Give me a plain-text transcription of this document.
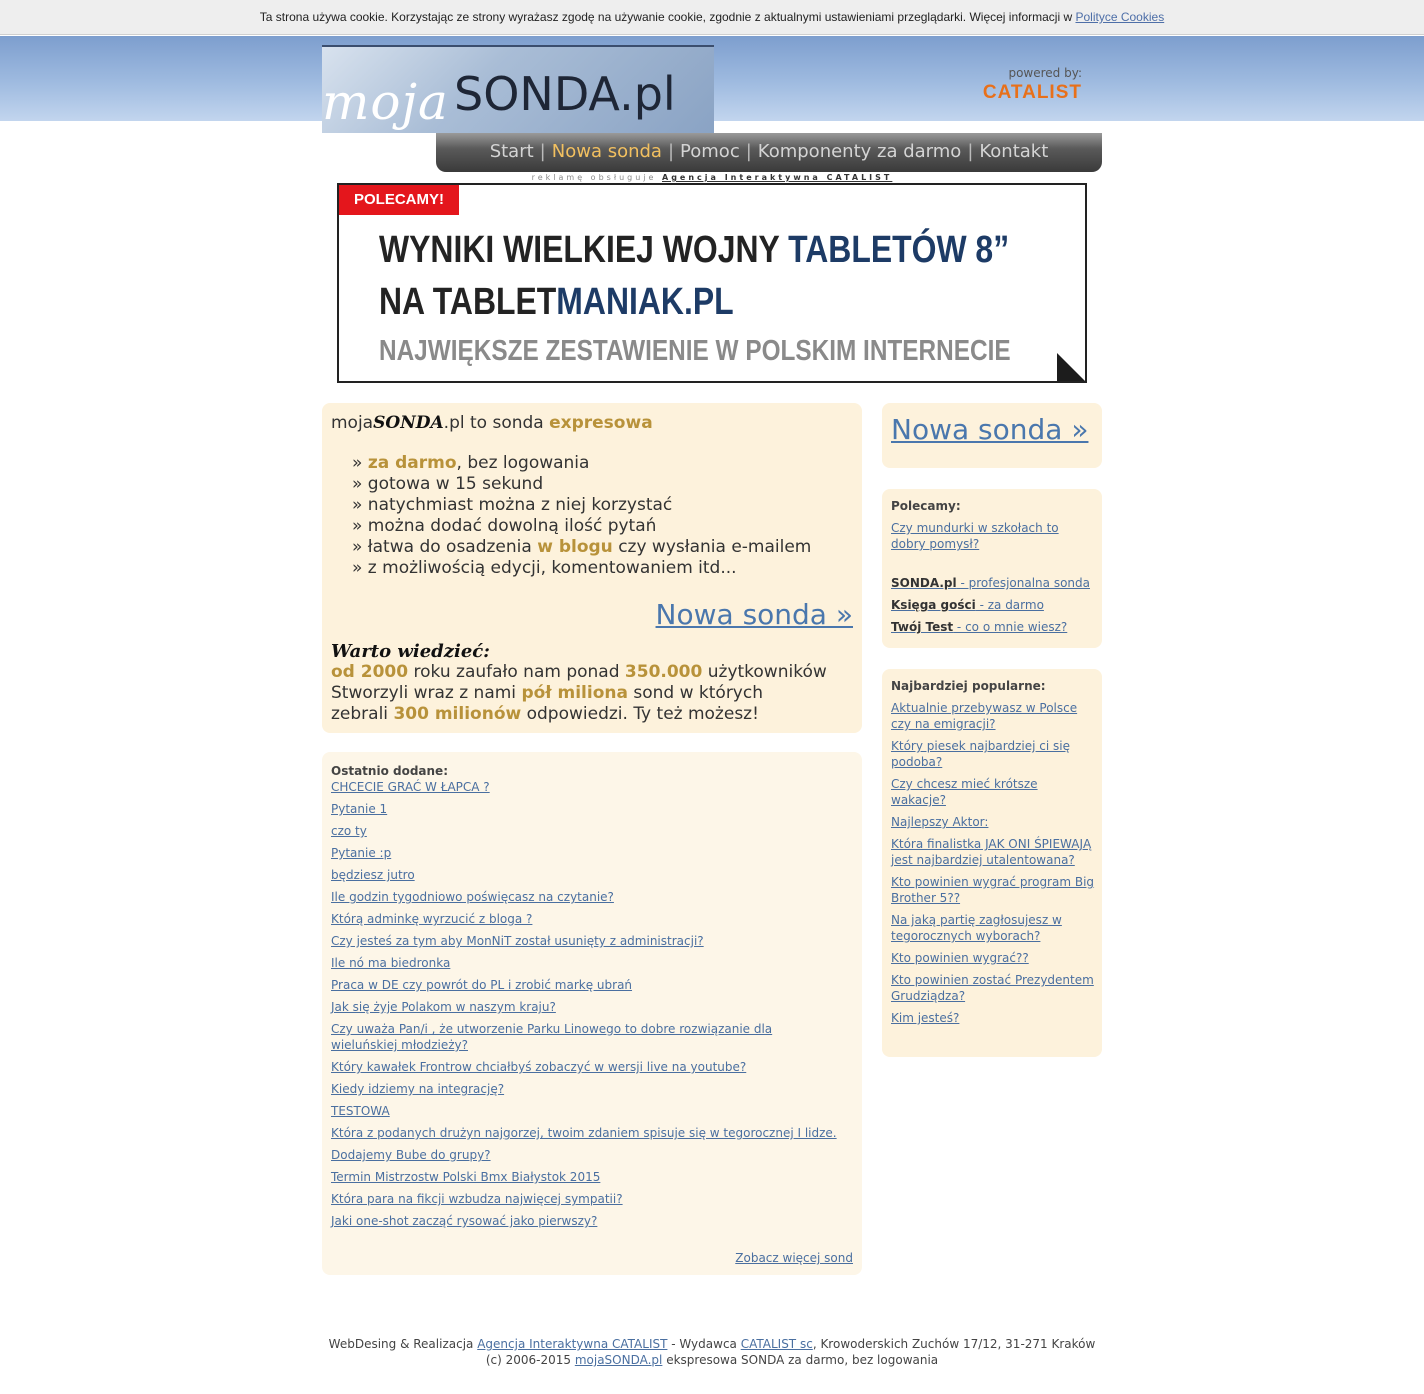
Ta strona używa cookie. Korzystając ze strony wyrażasz zgodę na używanie cookie, zgodnie z aktualnymi ustawieniami przeglądarki. Więcej informacji w Polityce Cookies
moja SONDA.pl	powered by:
CATALIST
Start | Nowa sonda | Pomoc | Komponenty za darmo | Kontakt
reklamę obsługuje Agencja Interaktywna CATALIST
POLECAMY!
WYNIKI WIELKIEJ WOJNY TABLETÓW 8”
NA TABLETMANIAK.PL
NAJWIĘKSZE ZESTAWIENIE W POLSKIM INTERNECIE
mojaSONDA.pl to sonda expresowa
» za darmo, bez logowania
» gotowa w 15 sekund
» natychmiast można z niej korzystać
» można dodać dowolną ilość pytań
» łatwa do osadzenia w blogu czy wysłania e-mailem
» z możliwością edycji, komentowaniem itd...
Nowa sonda »
Warto wiedzieć:
od 2000 roku zaufało nam ponad 350.000 użytkowników
Stworzyli wraz z nami pół miliona sond w których
zebrali 300 milionów odpowiedzi. Ty też możesz!
Ostatnio dodane:
CHCECIE GRAĆ W ŁAPCA ?
Pytanie 1
czo ty
Pytanie :p
będziesz jutro
Ile godzin tygodniowo poświęcasz na czytanie?
Którą adminkę wyrzucić z bloga ?
Czy jesteś za tym aby MonNiT został usunięty z administracji?
Ile nó ma biedronka
Praca w DE czy powrót do PL i zrobić markę ubrań
Jak się żyje Polakom w naszym kraju?
Czy uważa Pan/i , że utworzenie Parku Linowego to dobre rozwiązanie dla wieluńskiej młodzieży?
Który kawałek Frontrow chciałbyś zobaczyć w wersji live na youtube?
Kiedy idziemy na integrację?
TESTOWA
Która z podanych drużyn najgorzej, twoim zdaniem spisuje się w tegorocznej I lidze.
Dodajemy Bube do grupy?
Termin Mistrzostw Polski Bmx Białystok 2015
Która para na fikcji wzbudza najwięcej sympatii?
Jaki one-shot zacząć rysować jako pierwszy?
Zobacz więcej sond
Nowa sonda »
Polecamy:
Czy mundurki w szkołach to dobry pomysł?
SONDA.pl - profesjonalna sonda
Księga gości - za darmo
Twój Test - co o mnie wiesz?
Najbardziej popularne:
Aktualnie przebywasz w Polsce czy na emigracji?
Który piesek najbardziej ci się podoba?
Czy chcesz mieć krótsze wakacje?
Najlepszy Aktor:
Która finalistka JAK ONI ŚPIEWAJĄ jest najbardziej utalentowana?
Kto powinien wygrać program Big Brother 5??
Na jaką partię zagłosujesz w tegorocznych wyborach?
Kto powinien wygrać??
Kto powinien zostać Prezydentem Grudziądza?
Kim jesteś?
WebDesing & Realizacja Agencja Interaktywna CATALIST - Wydawca CATALIST sc, Krowoderskich Zuchów 17/12, 31-271 Kraków
(c) 2006-2015 mojaSONDA.pl ekspresowa SONDA za darmo, bez logowania
